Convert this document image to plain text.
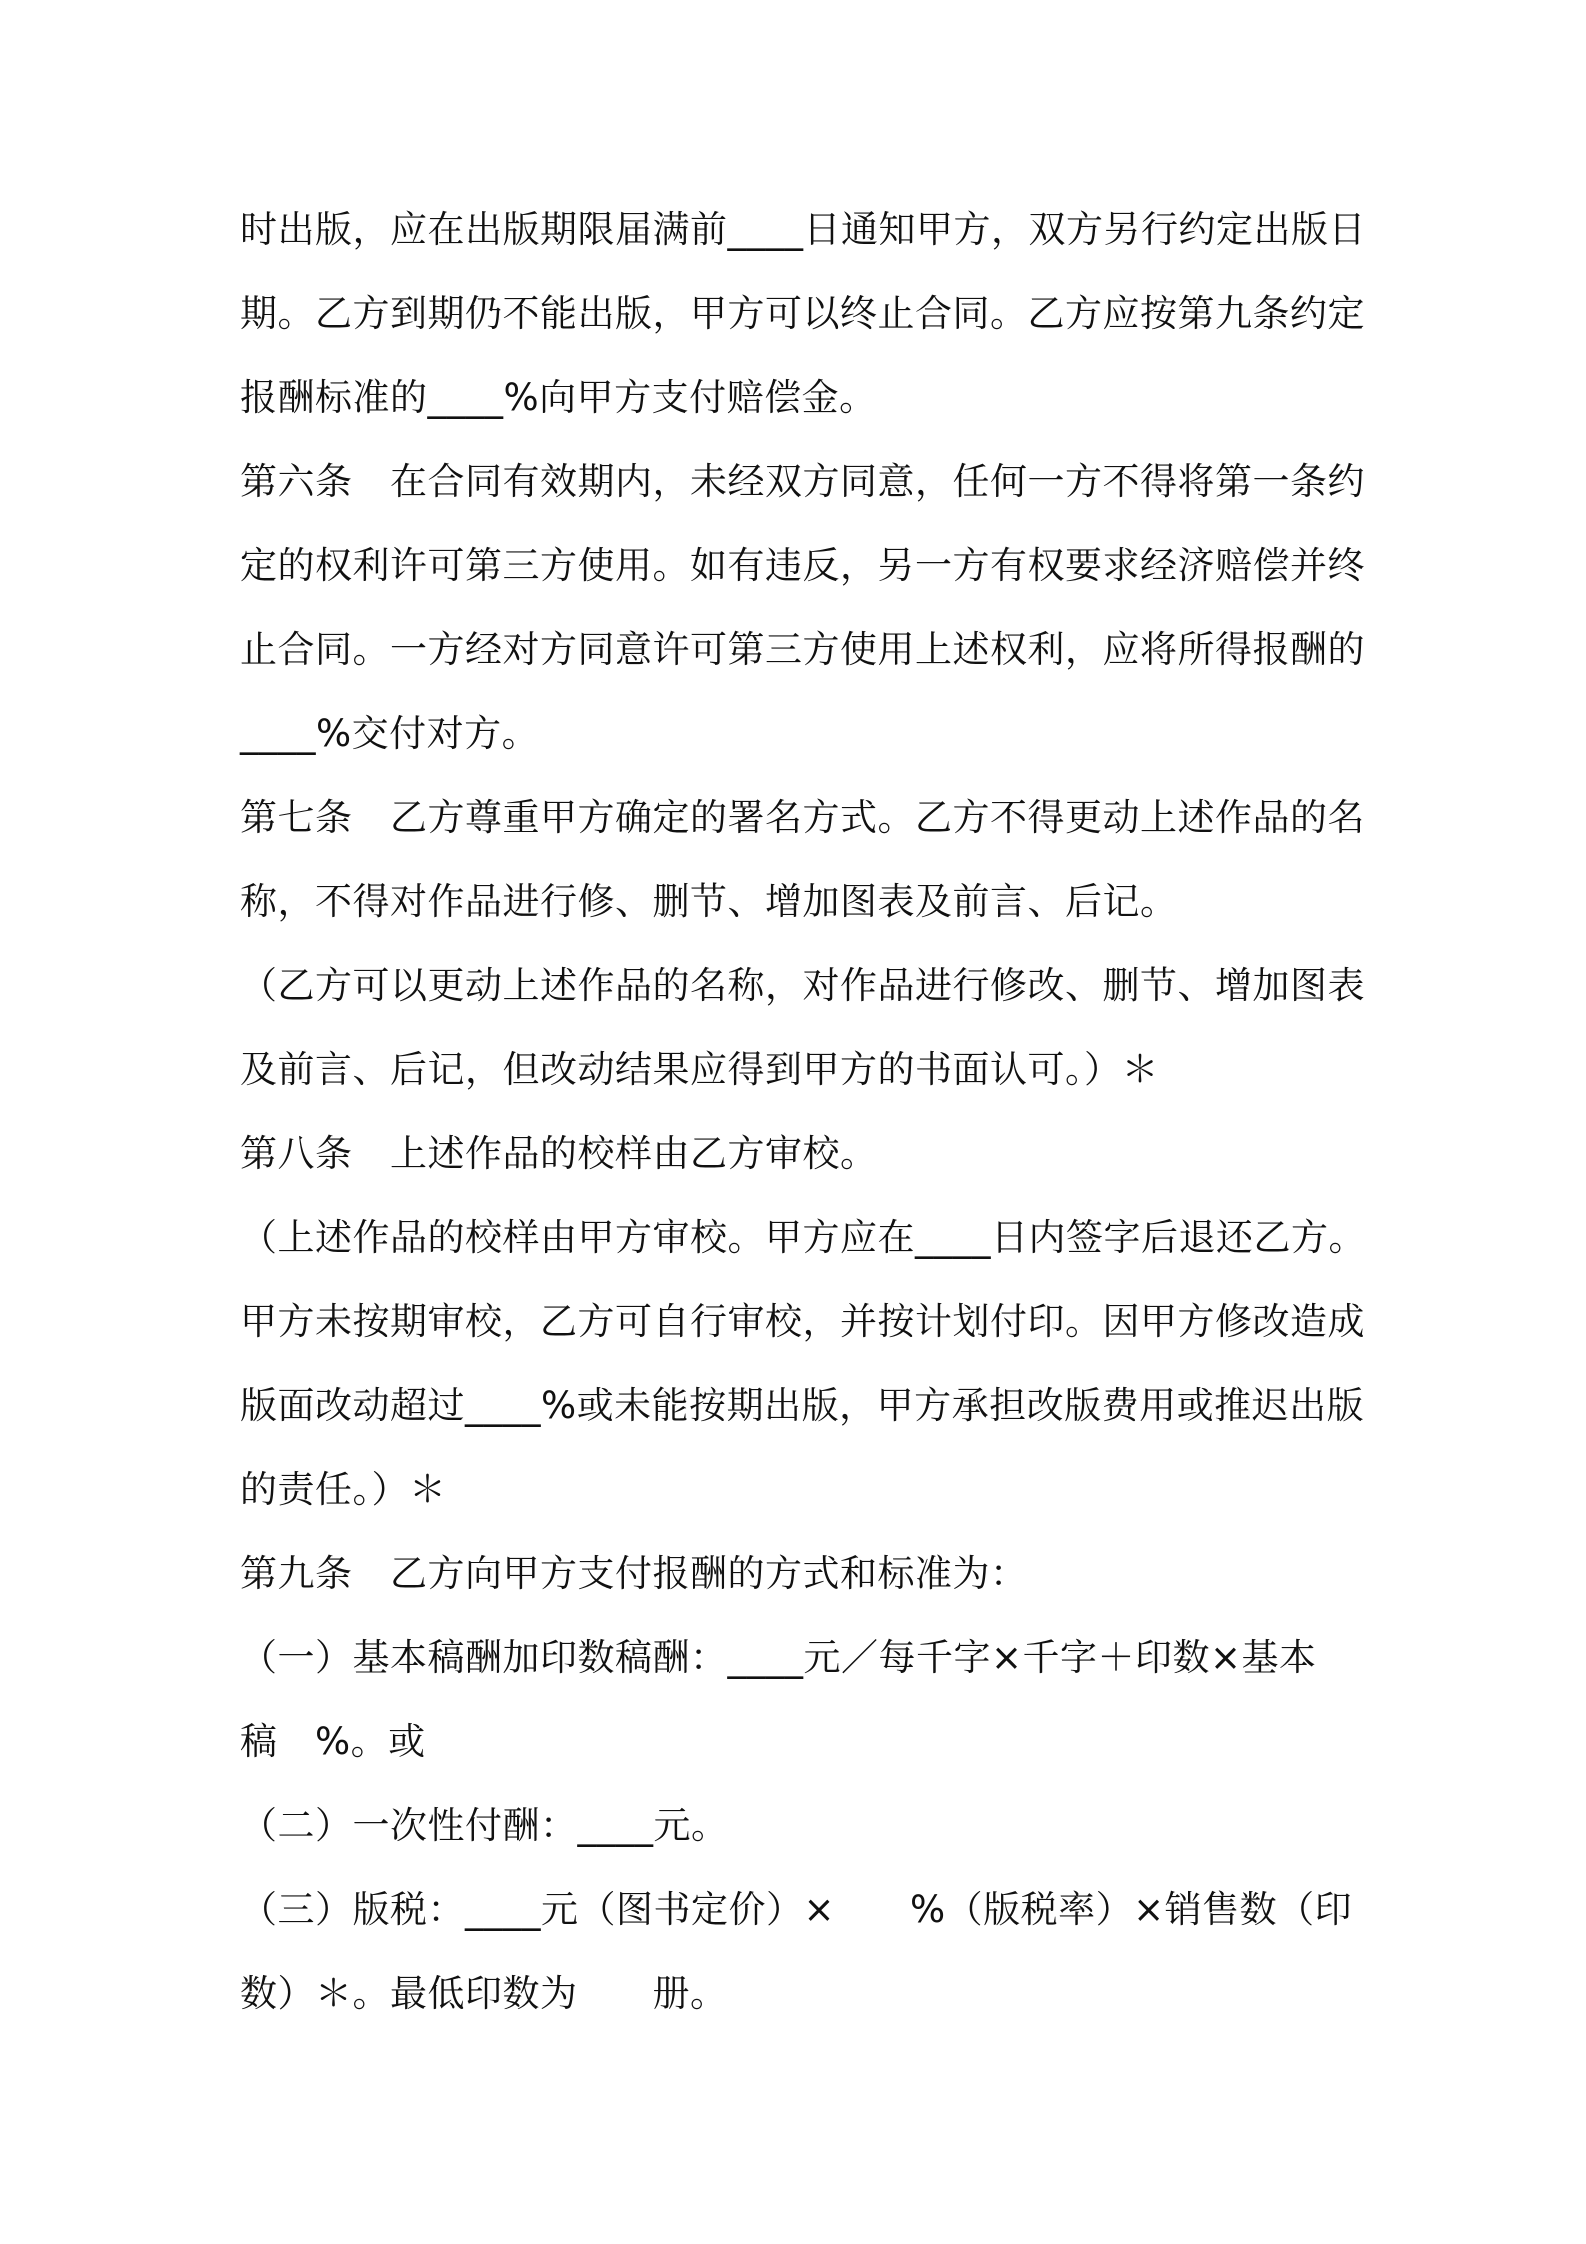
时出版，应在出版期限届满前____日通知甲方，双方另行约定出版日
期。乙方到期仍不能出版，甲方可以终止合同。乙方应按第九条约定
报酬标准的____%向甲方支付赔偿金。
第六条　在合同有效期内，未经双方同意，任何一方不得将第一条约
定的权利许可第三方使用。如有违反，另一方有权要求经济赔偿并终
止合同。一方经对方同意许可第三方使用上述权利，应将所得报酬的
____%交付对方。
第七条　乙方尊重甲方确定的署名方式。乙方不得更动上述作品的名
称，不得对作品进行修、删节、增加图表及前言、后记。
（乙方可以更动上述作品的名称，对作品进行修改、删节、增加图表
及前言、后记，但改动结果应得到甲方的书面认可。）＊
第八条　上述作品的校样由乙方审校。
（上述作品的校样由甲方审校。甲方应在____日内签字后退还乙方。
甲方未按期审校，乙方可自行审校，并按计划付印。因甲方修改造成
版面改动超过____%或未能按期出版，甲方承担改版费用或推迟出版
的责任。）＊
第九条　乙方向甲方支付报酬的方式和标准为：
（一）基本稿酬加印数稿酬：____元／每千字×千字＋印数×基本
稿　%。或
（二）一次性付酬：____元。
（三）版税：____元（图书定价）×　　%（版税率）×销售数（印
数）＊。最低印数为　　册。
